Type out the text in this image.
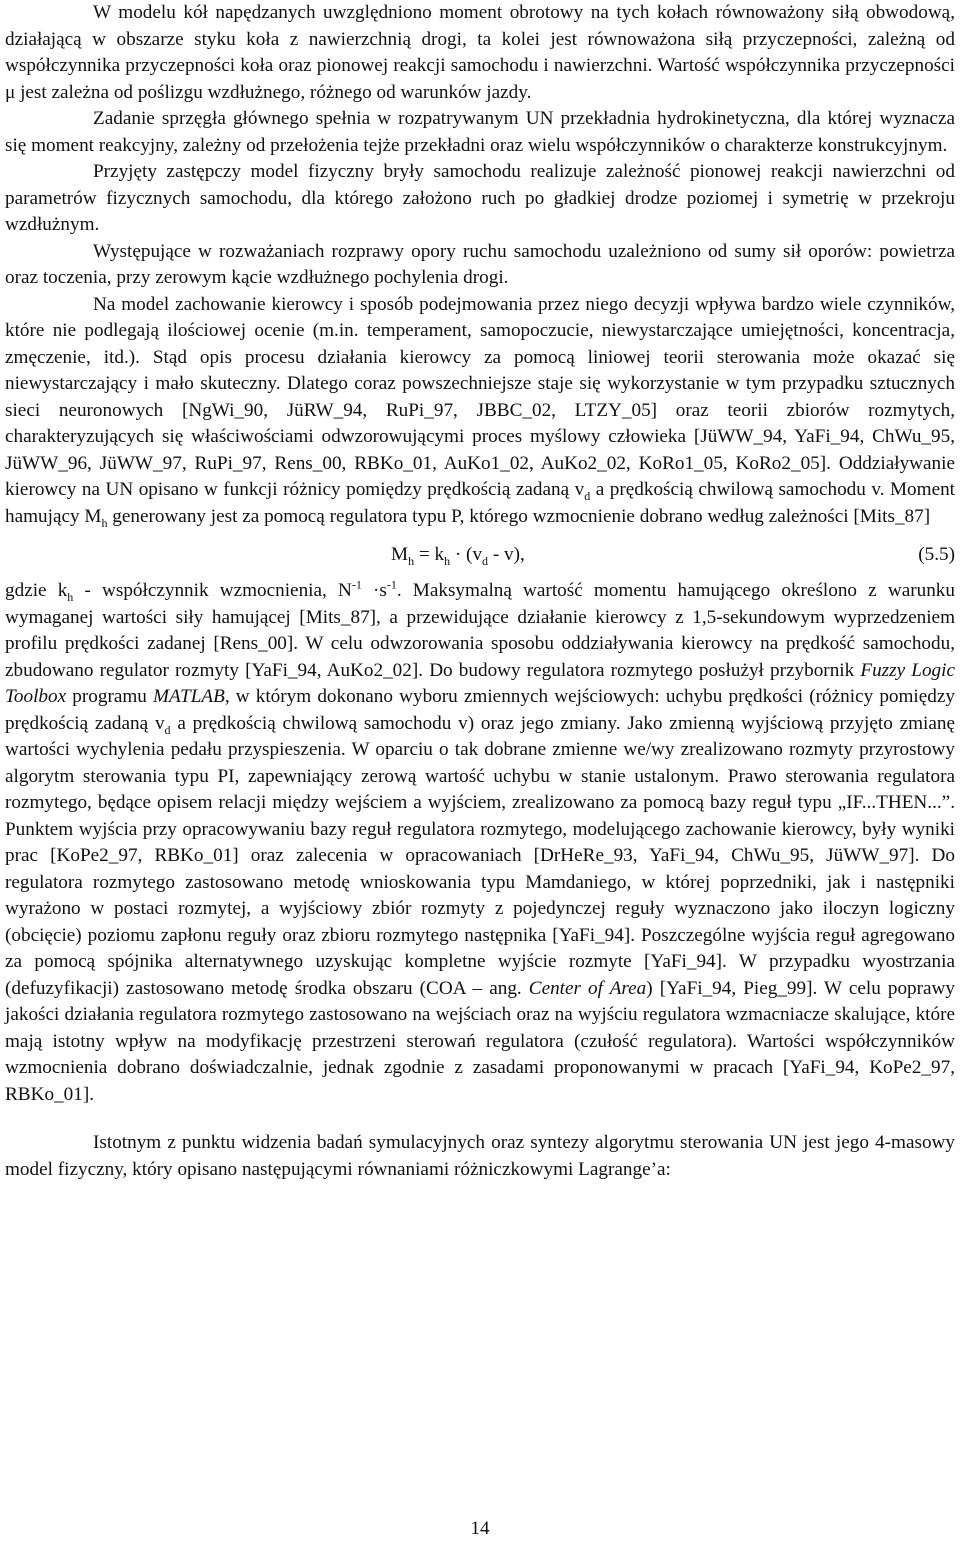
W modelu kół napędzanych uwzględniono moment obrotowy na tych kołach równoważony siłą obwodową, działającą w obszarze styku koła z nawierzchnią drogi, ta kolei jest równoważona siłą przyczepności, zależną od współczynnika przyczepności koła oraz pionowej reakcji samochodu i nawierzchni. Wartość współczynnika przyczepności μ jest zależna od poślizgu wzdłużnego, różnego od warunków jazdy.

Zadanie sprzęgła głównego spełnia w rozpatrywanym UN przekładnia hydrokinetyczna, dla której wyznacza się moment reakcyjny, zależny od przełożenia tejże przekładni oraz wielu współczynników o charakterze konstrukcyjnym.

Przyjęty zastępczy model fizyczny bryły samochodu realizuje zależność pionowej reakcji nawierzchni od parametrów fizycznych samochodu, dla którego założono ruch po gładkiej drodze poziomej i symetrię w przekroju wzdłużnym.

Występujące w rozważaniach rozprawy opory ruchu samochodu uzależniono od sumy sił oporów: powietrza oraz toczenia, przy zerowym kącie wzdłużnego pochylenia drogi.

Na model zachowanie kierowcy i sposób podejmowania przez niego decyzji wpływa bardzo wiele czynników, które nie podlegają ilościowej ocenie (m.in. temperament, samopoczucie, niewystarczające umiejętności, koncentracja, zmęczenie, itd.). Stąd opis procesu działania kierowcy za pomocą liniowej teorii sterowania może okazać się niewystarczający i mało skuteczny. Dlatego coraz powszechniejsze staje się wykorzystanie w tym przypadku sztucznych sieci neuronowych [NgWi_90, JüRW_94, RuPi_97, JBBC_02, LTZY_05] oraz teorii zbiorów rozmytych, charakteryzujących się właściwościami odwzorowującymi proces myślowy człowieka [JüWW_94, YaFi_94, ChWu_95, JüWW_96, JüWW_97, RuPi_97, Rens_00, RBKo_01, AuKo1_02, AuKo2_02, KoRo1_05, KoRo2_05]. Oddziaływanie kierowcy na UN opisano w funkcji różnicy pomiędzy prędkością zadaną $v_d$ a prędkością chwilową samochodu v. Moment hamujący $M_h$ generowany jest za pomocą regulatora typu P, którego wzmocnienie dobrano według zależności [Mits_87]

$M_h = k_h \cdot (v_d - v)$,	(5.5)

gdzie $k_h$ - współczynnik wzmocnienia, $N^{-1} \cdot s^{-1}$. Maksymalną wartość momentu hamującego określono z warunku wymaganej wartości siły hamującej [Mits_87], a przewidujące działanie kierowcy z 1,5-sekundowym wyprzedzeniem profilu prędkości zadanej [Rens_00]. W celu odwzorowania sposobu oddziaływania kierowcy na prędkość samochodu, zbudowano regulator rozmyty [YaFi_94, AuKo2_02]. Do budowy regulatora rozmytego posłużył przybornik Fuzzy Logic Toolbox programu MATLAB, w którym dokonano wyboru zmiennych wejściowych: uchybu prędkości (różnicy pomiędzy prędkością zadaną $v_d$ a prędkością chwilową samochodu v) oraz jego zmiany. Jako zmienną wyjściową przyjęto zmianę wartości wychylenia pedału przyspieszenia. W oparciu o tak dobrane zmienne we/wy zrealizowano rozmyty przyrostowy algorytm sterowania typu PI, zapewniający zerową wartość uchybu w stanie ustalonym. Prawo sterowania regulatora rozmytego, będące opisem relacji między wejściem a wyjściem, zrealizowano za pomocą bazy reguł typu „IF...THEN...”. Punktem wyjścia przy opracowywaniu bazy reguł regulatora rozmytego, modelującego zachowanie kierowcy, były wyniki prac [KoPe2_97, RBKo_01] oraz zalecenia w opracowaniach [DrHeRe_93, YaFi_94, ChWu_95, JüWW_97]. Do regulatora rozmytego zastosowano metodę wnioskowania typu Mamdaniego, w której poprzedniki, jak i następniki wyrażono w postaci rozmytej, a wyjściowy zbiór rozmyty z pojedynczej reguły wyznaczono jako iloczyn logiczny (obcięcie) poziomu zapłonu reguły oraz zbioru rozmytego następnika [YaFi_94]. Poszczególne wyjścia reguł agregowano za pomocą spójnika alternatywnego uzyskując kompletne wyjście rozmyte [YaFi_94]. W przypadku wyostrzania (defuzyfikacji) zastosowano metodę środka obszaru (COA – ang. Center of Area) [YaFi_94, Pieg_99]. W celu poprawy jakości działania regulatora rozmytego zastosowano na wejściach oraz na wyjściu regulatora wzmacniacze skalujące, które mają istotny wpływ na modyfikację przestrzeni sterowań regulatora (czułość regulatora). Wartości współczynników wzmocnienia dobrano doświadczalnie, jednak zgodnie z zasadami proponowanymi w pracach [YaFi_94, KoPe2_97, RBKo_01].

Istotnym z punktu widzenia badań symulacyjnych oraz syntezy algorytmu sterowania UN jest jego 4-masowy model fizyczny, który opisano następującymi równaniami różniczkowymi Lagrange’a:

14
